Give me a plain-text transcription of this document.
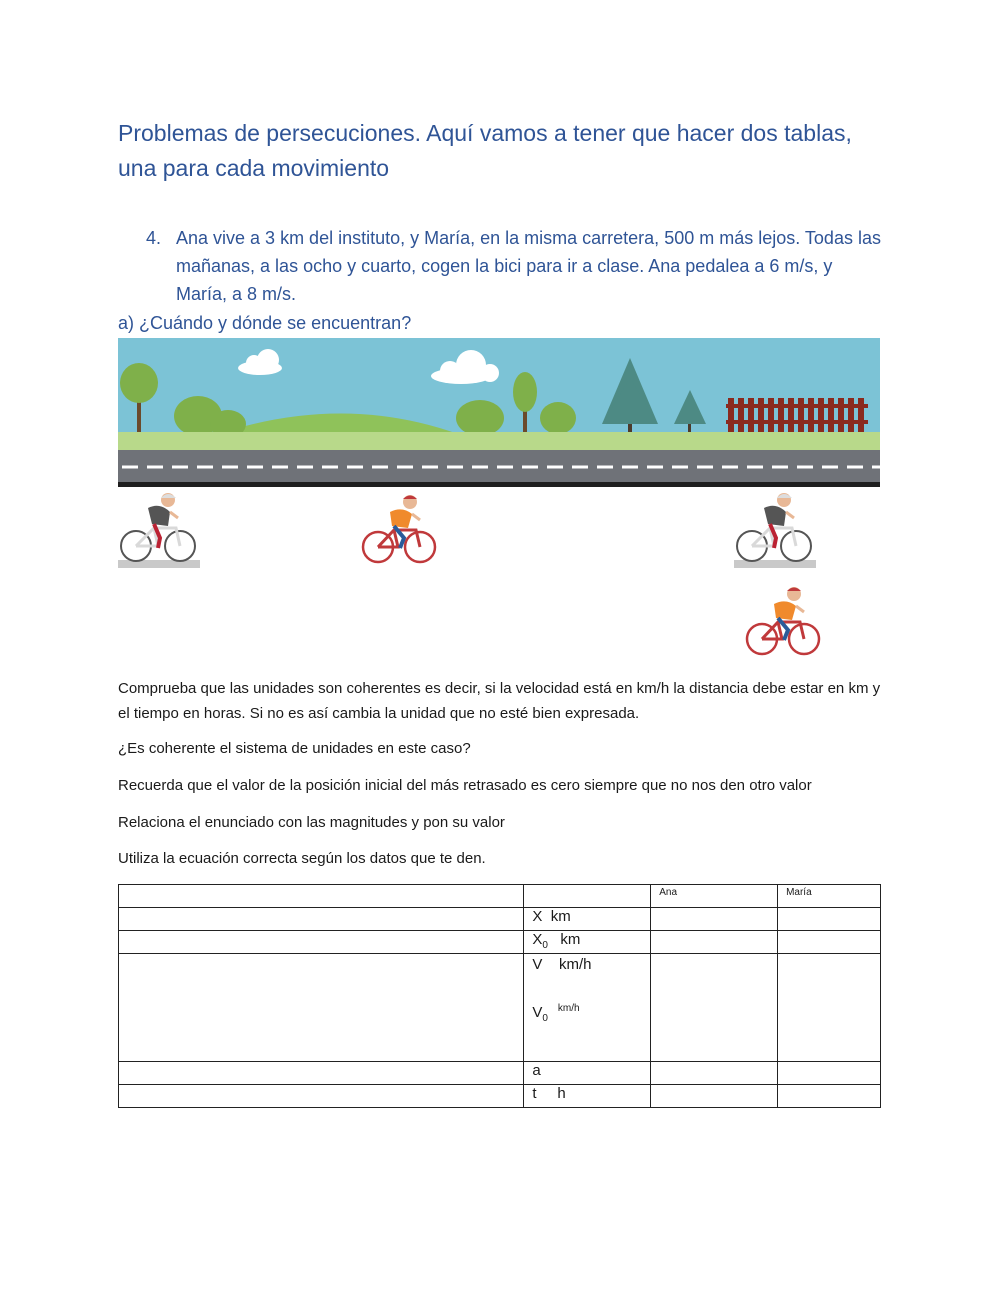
Problemas de persecuciones. Aquí vamos a tener que hacer dos tablas, una para cada movimiento
4. Ana vive a 3 km del instituto, y María, en la misma carretera, 500 m más lejos. Todas las mañanas, a las ocho y cuarto, cogen la bici para ir a clase. Ana pedalea a 6 m/s, y María, a 8 m/s.
a) ¿Cuándo y dónde se encuentran?

Comprueba que las unidades son coherentes es decir, si la velocidad está en km/h la distancia debe estar en km y el tiempo en horas. Si no es así cambia la unidad que no esté bien expresada.

¿Es coherente el sistema de unidades en este caso?

Recuerda que el valor de la posición inicial del más retrasado es cero siempre que no nos den otro valor

Relaciona el enunciado con las magnitudes y pon su valor

Utiliza la ecuación correcta según los datos que te den.

		Ana	María
	X km		
	$X_0$ km		

	V km/h
$V_0^{km/h}$

	a		
	t h		
